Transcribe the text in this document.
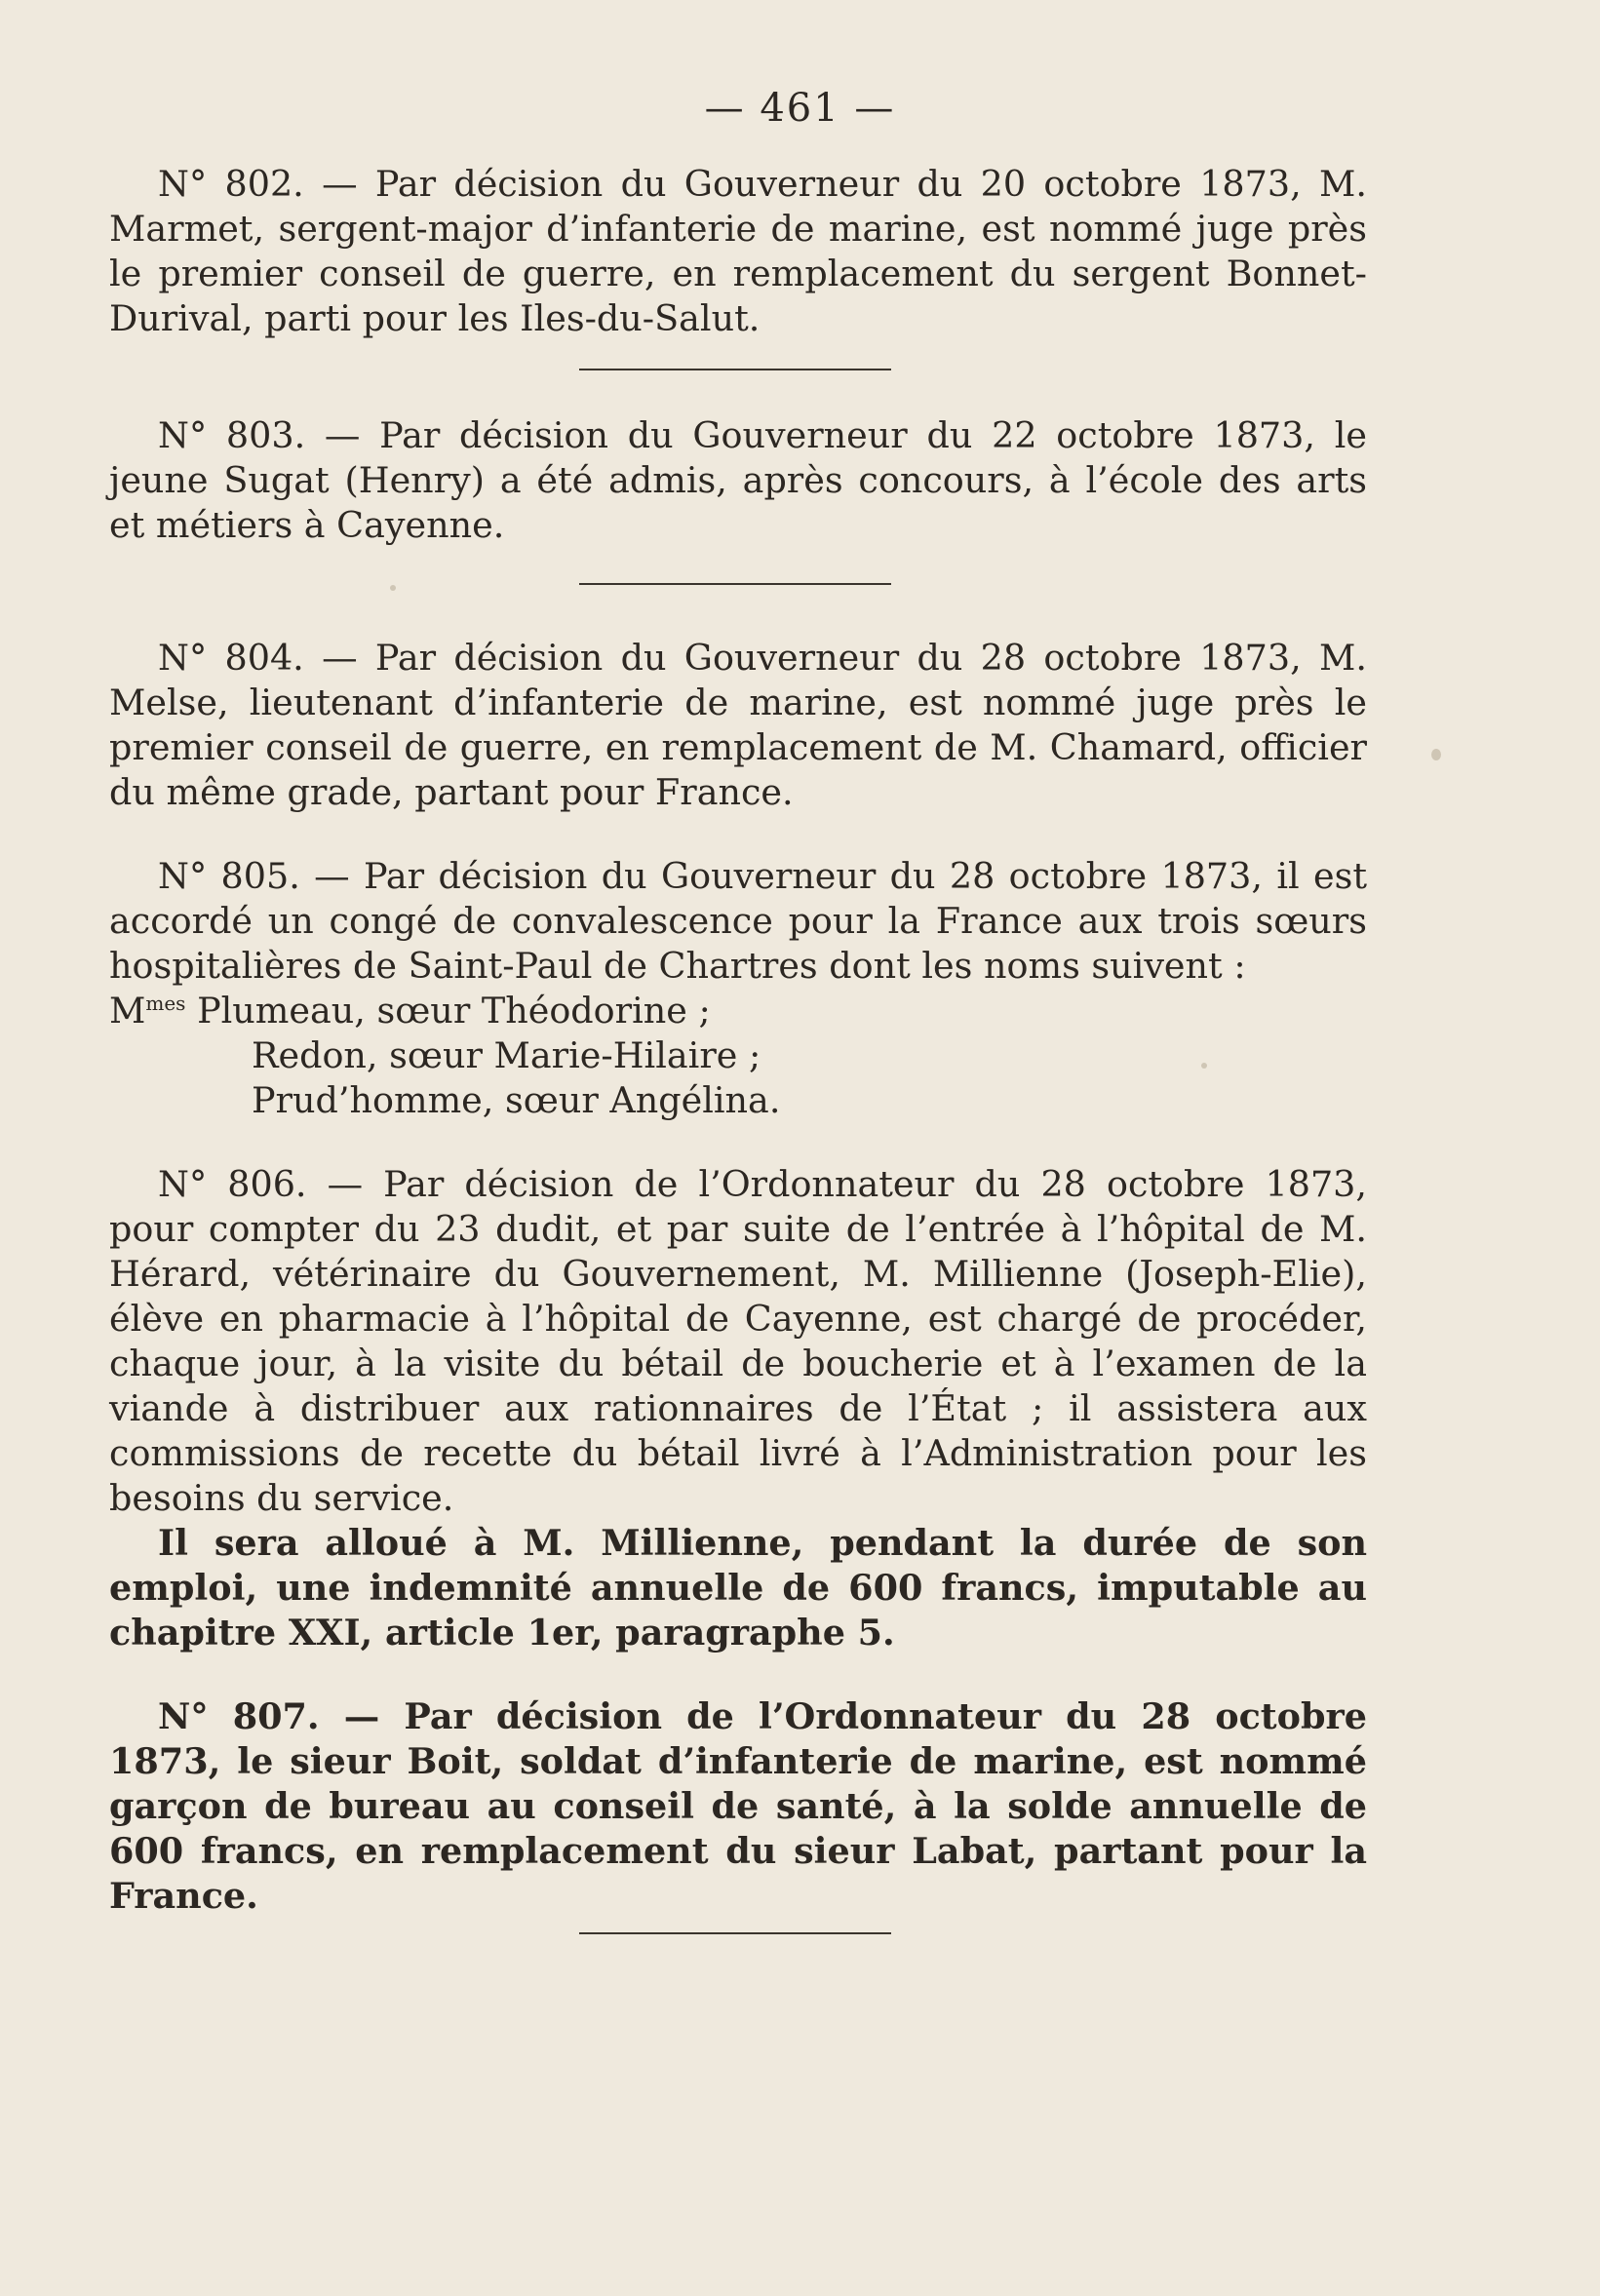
— 461 —

N° 802. — Par décision du Gouverneur du 20 octobre 1873, M. Marmet, sergent-major d’infanterie de marine, est nommé juge près le premier conseil de guerre, en remplacement du sergent Bonnet-Durival, parti pour les Iles-du-Salut.

N° 803. — Par décision du Gouverneur du 22 octobre 1873, le jeune Sugat (Henry) a été admis, après concours, à l’école des arts et métiers à Cayenne.

N° 804. — Par décision du Gouverneur du 28 octobre 1873, M. Melse, lieutenant d’infanterie de marine, est nommé juge près le premier conseil de guerre, en remplacement de M. Chamard, officier du même grade, partant pour France.

N° 805. — Par décision du Gouverneur du 28 octobre 1873, il est accordé un congé de convalescence pour la France aux trois sœurs hospitalières de Saint-Paul de Chartres dont les noms suivent :

$M^{mes}$ Plumeau, sœur Théodorine ;
Redon, sœur Marie-Hilaire ;
Prud’homme, sœur Angélina.

N° 806. — Par décision de l’Ordonnateur du 28 octobre 1873, pour compter du 23 dudit, et par suite de l’entrée à l’hôpital de M. Hérard, vétérinaire du Gouvernement, M. Millienne (Joseph-Elie), élève en pharmacie à l’hôpital de Cayenne, est chargé de procéder, chaque jour, à la visite du bétail de boucherie et à l’examen de la viande à distribuer aux rationnaires de l’État ; il assistera aux commissions de recette du bétail livré à l’Administration pour les besoins du service.

Il sera alloué à M. Millienne, pendant la durée de son emploi, une indemnité annuelle de 600 francs, imputable au chapitre XXI, article 1er, paragraphe 5.

N° 807. — Par décision de l’Ordonnateur du 28 octobre 1873, le sieur Boit, soldat d’infanterie de marine, est nommé garçon de bureau au conseil de santé, à la solde annuelle de 600 francs, en remplacement du sieur Labat, partant pour la France.
